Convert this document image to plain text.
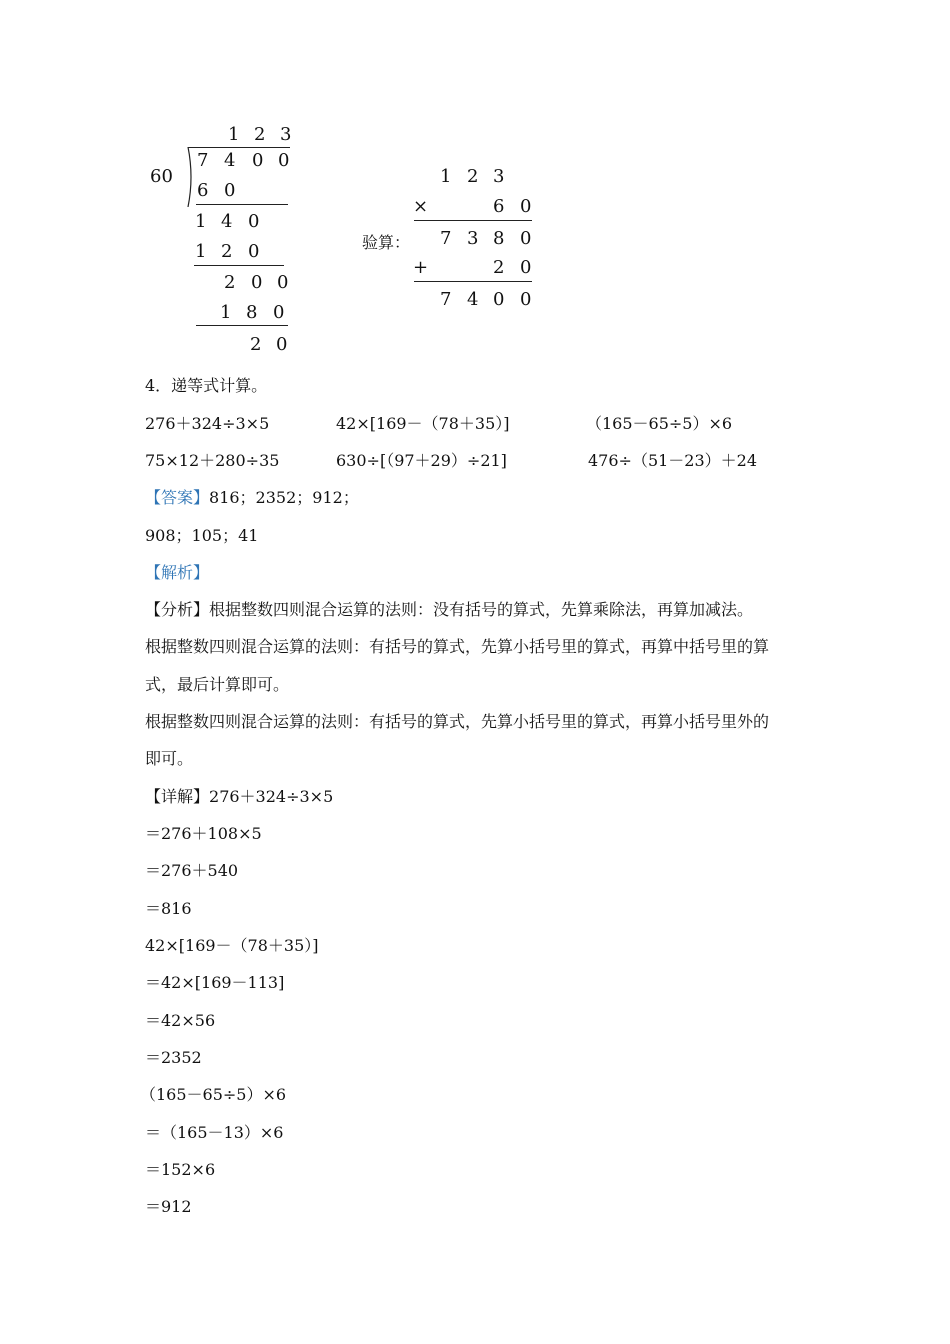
60
1 2 3
7 4 0 0
6 0
1 4 0
1 2 0
2 0 0
1 8 0
2 0
1 2 3
×	6 0
验算： 7 3 8 0
+	2 0
7 4 0 0
4．递等式计算。
276＋324÷3×5	42×[169－（78＋35）]	（165－65÷5）×6
75×12＋280÷35	630÷[（97＋29）÷21]	476÷（51－23）＋24
【答案】816；2352；912；
908；105；41
【解析】
【分析】根据整数四则混合运算的法则：没有括号的算式，先算乘除法，再算加减法。
根据整数四则混合运算的法则：有括号的算式，先算小括号里的算式，再算中括号里的算
式，最后计算即可。
根据整数四则混合运算的法则：有括号的算式，先算小括号里的算式，再算小括号里外的
即可。
【详解】276＋324÷3×5
＝276＋108×5
＝276＋540
＝816
42×[169－（78＋35）]
＝42×[169－113]
＝42×56
＝2352
（165－65÷5）×6
＝（165－13）×6
＝152×6
＝912
